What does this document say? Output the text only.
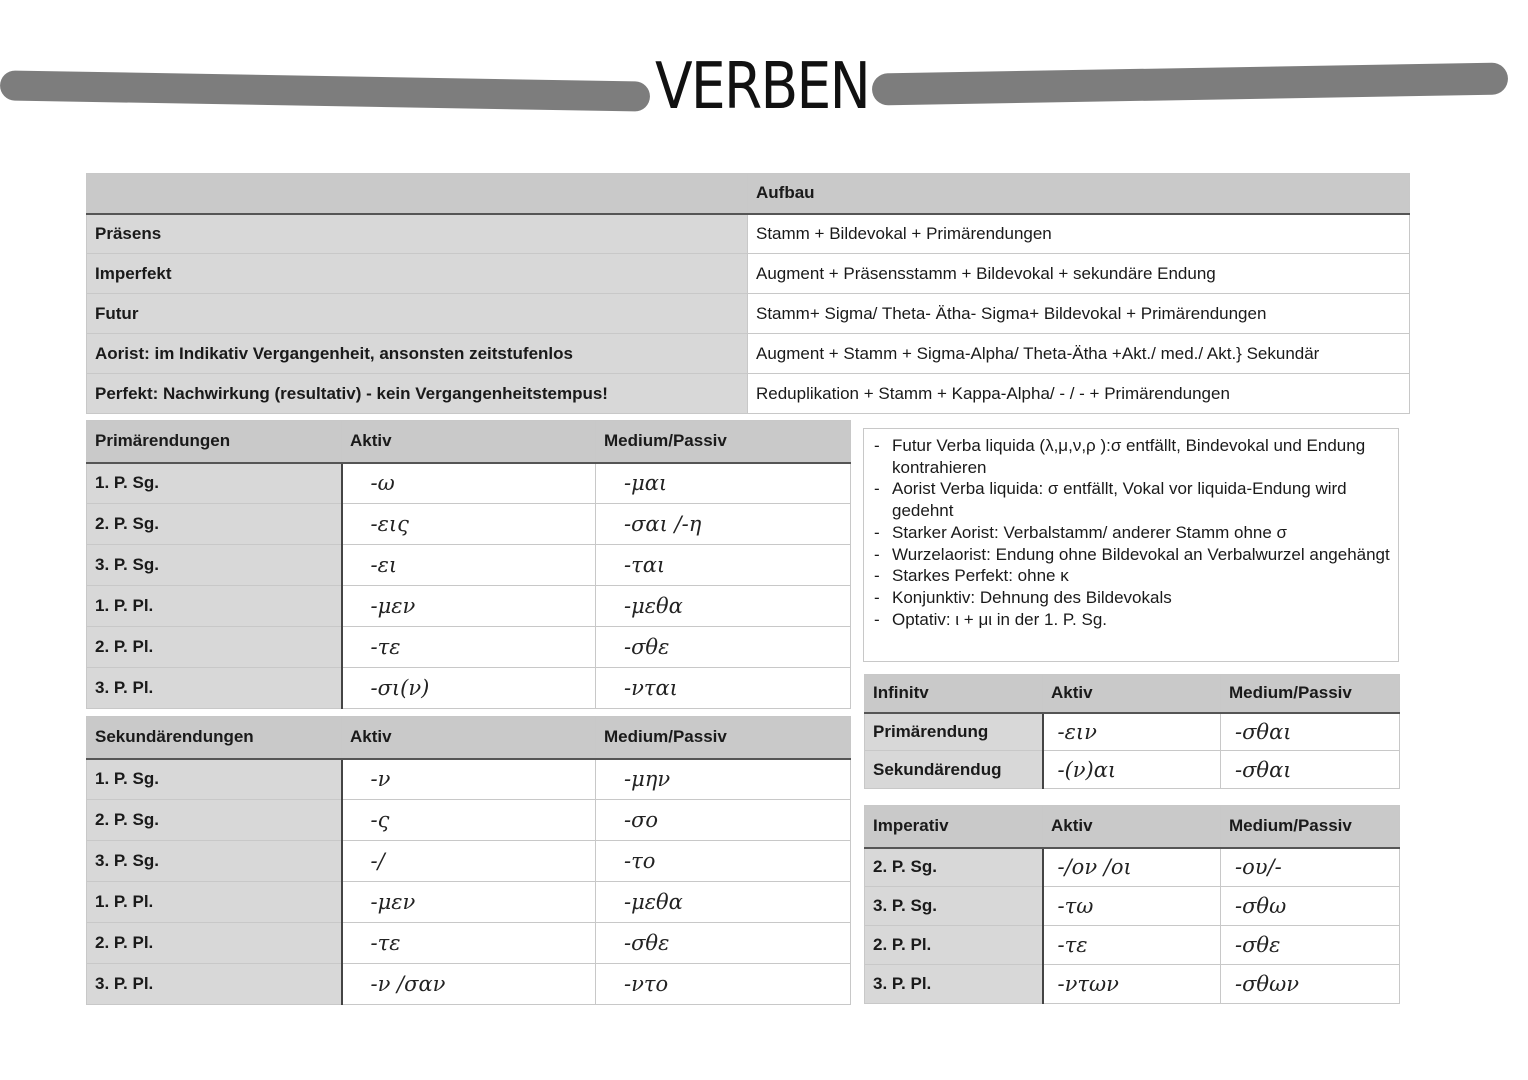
VERBEN
	Aufbau
Präsens	Stamm + Bildevokal + Primärendungen
Imperfekt	Augment + Präsensstamm + Bildevokal + sekundäre Endung
Futur	Stamm+ Sigma/ Theta- Ätha- Sigma+ Bildevokal + Primärendungen
Aorist: im Indikativ Vergangenheit, ansonsten zeitstufenlos	Augment + Stamm + Sigma-Alpha/ Theta-Ätha +Akt./ med./ Akt.} Sekundär
Perfekt: Nachwirkung (resultativ) - kein Vergangenheitstempus!	Reduplikation + Stamm + Kappa-Alpha/ - / - + Primärendungen
Primärendungen	Aktiv	Medium/Passiv
1. P. Sg.	-ω	-μαι
2. P. Sg.	-εις	-σαι /-η
3. P. Sg.	-ει	-ται
1. P. Pl.	-μεν	-μεθα
2. P. Pl.	-τε	-σθε
3. P. Pl.	-σι(ν)	-νται
Sekundärendungen	Aktiv	Medium/Passiv
1. P. Sg.	-ν	-μην
2. P. Sg.	-ς	-σο
3. P. Sg.	-/	-το
1. P. Pl.	-μεν	-μεθα
2. P. Pl.	-τε	-σθε
3. P. Pl.	-ν /σαν	-ντο
- Futur Verba liquida (λ,μ,ν,ρ ):σ entfällt, Bindevokal und Endung kontrahieren
- Aorist Verba liquida: σ entfällt, Vokal vor liquida-Endung wird gedehnt
- Starker Aorist: Verbalstamm/ anderer Stamm ohne σ
- Wurzelaorist: Endung ohne Bildevokal an Verbalwurzel angehängt
- Starkes Perfekt: ohne κ
- Konjunktiv: Dehnung des Bildevokals
- Optativ: ι + μι in der 1. P. Sg.
Infinitv	Aktiv	Medium/Passiv
Primärendung	-ειν	-σθαι
Sekundärendug	-(ν)αι	-σθαι
Imperativ	Aktiv	Medium/Passiv
2. P. Sg.	-/ον /οι	-ου/-
3. P. Sg.	-τω	-σθω
2. P. Pl.	-τε	-σθε
3. P. Pl.	-ντων	-σθων
